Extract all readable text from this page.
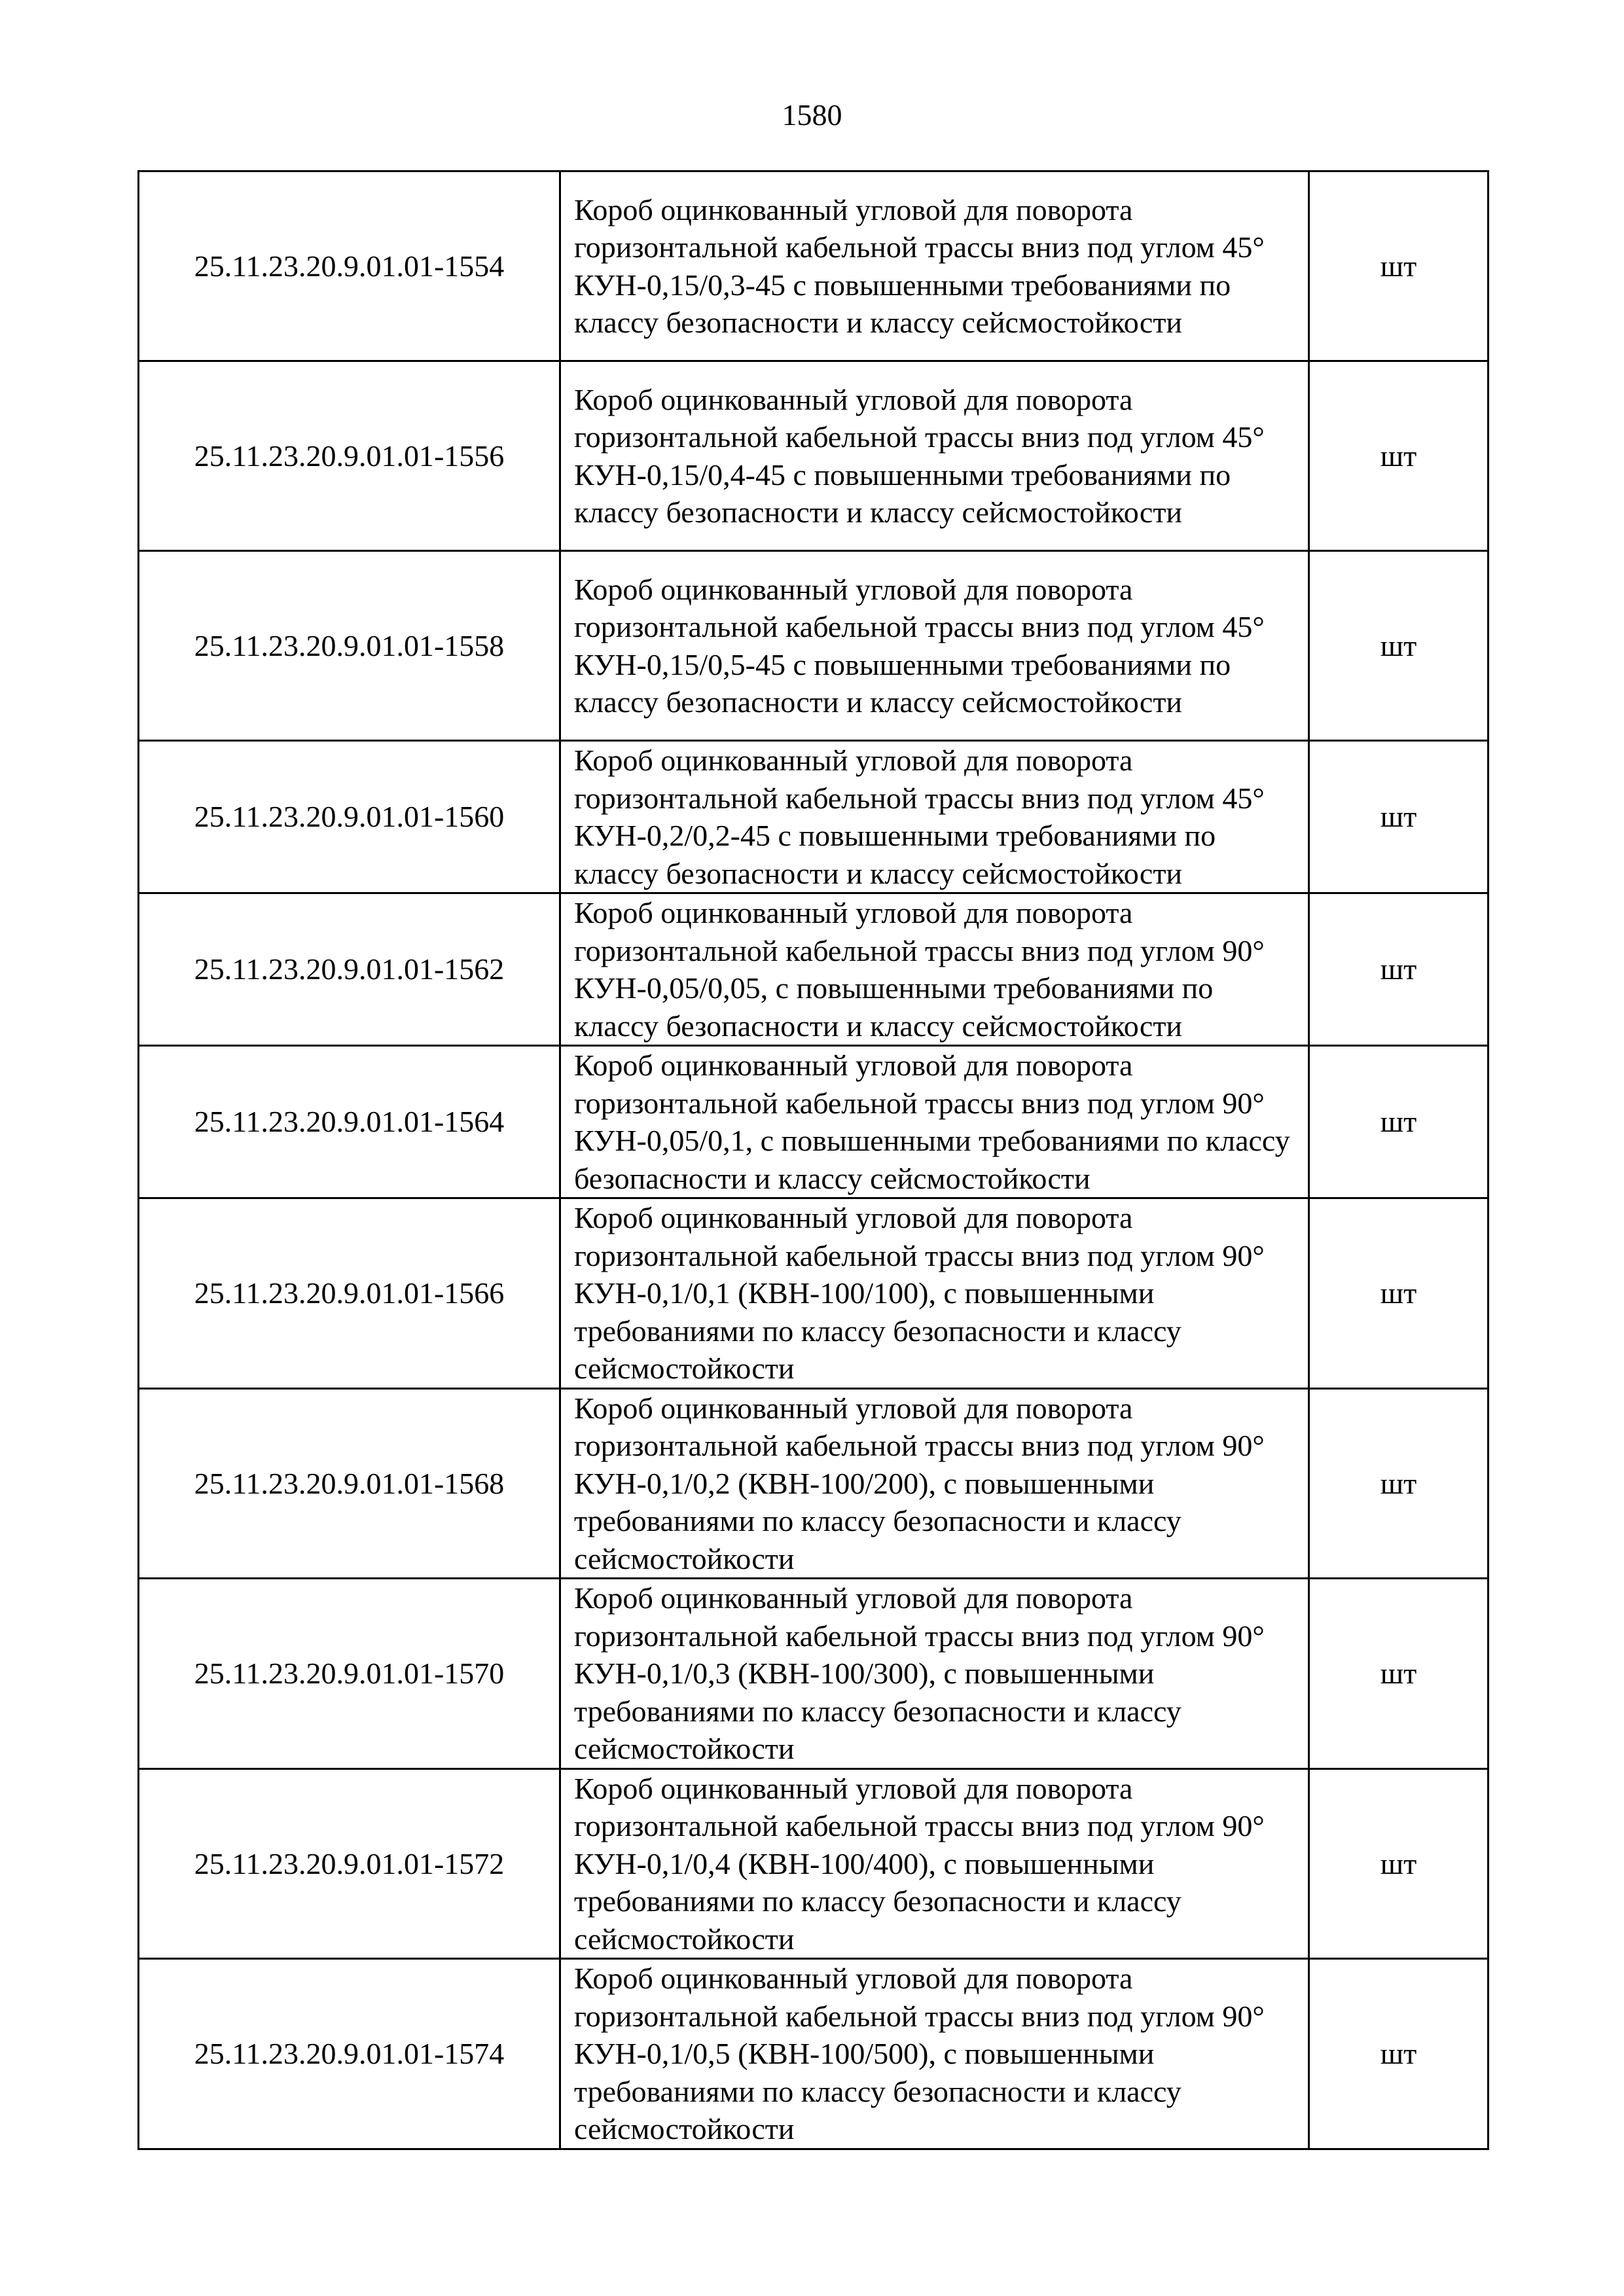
1580
25.11.23.20.9.01.01-1554	Короб оцинкованный угловой для поворота горизонтальной кабельной трассы вниз под углом 45° КУН-0,15/0,3-45 с повышенными требованиями по классу безопасности и классу сейсмостойкости	шт
25.11.23.20.9.01.01-1556	Короб оцинкованный угловой для поворота горизонтальной кабельной трассы вниз под углом 45° КУН-0,15/0,4-45 с повышенными требованиями по классу безопасности и классу сейсмостойкости	шт
25.11.23.20.9.01.01-1558	Короб оцинкованный угловой для поворота горизонтальной кабельной трассы вниз под углом 45° КУН-0,15/0,5-45 с повышенными требованиями по классу безопасности и классу сейсмостойкости	шт
25.11.23.20.9.01.01-1560	Короб оцинкованный угловой для поворота горизонтальной кабельной трассы вниз под углом 45° КУН-0,2/0,2-45 с повышенными требованиями по классу безопасности и классу сейсмостойкости	шт
25.11.23.20.9.01.01-1562	Короб оцинкованный угловой для поворота горизонтальной кабельной трассы вниз под углом 90° КУН-0,05/0,05, с повышенными требованиями по классу безопасности и классу сейсмостойкости	шт
25.11.23.20.9.01.01-1564	Короб оцинкованный угловой для поворота горизонтальной кабельной трассы вниз под углом 90° КУН-0,05/0,1, с повышенными требованиями по классу безопасности и классу сейсмостойкости	шт
25.11.23.20.9.01.01-1566	Короб оцинкованный угловой для поворота горизонтальной кабельной трассы вниз под углом 90° КУН-0,1/0,1 (КВН-100/100), с повышенными требованиями по классу безопасности и классу сейсмостойкости	шт
25.11.23.20.9.01.01-1568	Короб оцинкованный угловой для поворота горизонтальной кабельной трассы вниз под углом 90° КУН-0,1/0,2 (КВН-100/200), с повышенными требованиями по классу безопасности и классу сейсмостойкости	шт
25.11.23.20.9.01.01-1570	Короб оцинкованный угловой для поворота горизонтальной кабельной трассы вниз под углом 90° КУН-0,1/0,3 (КВН-100/300), с повышенными требованиями по классу безопасности и классу сейсмостойкости	шт
25.11.23.20.9.01.01-1572	Короб оцинкованный угловой для поворота горизонтальной кабельной трассы вниз под углом 90° КУН-0,1/0,4 (КВН-100/400), с повышенными требованиями по классу безопасности и классу сейсмостойкости	шт
25.11.23.20.9.01.01-1574	Короб оцинкованный угловой для поворота горизонтальной кабельной трассы вниз под углом 90° КУН-0,1/0,5 (КВН-100/500), с повышенными требованиями по классу безопасности и классу сейсмостойкости	шт
